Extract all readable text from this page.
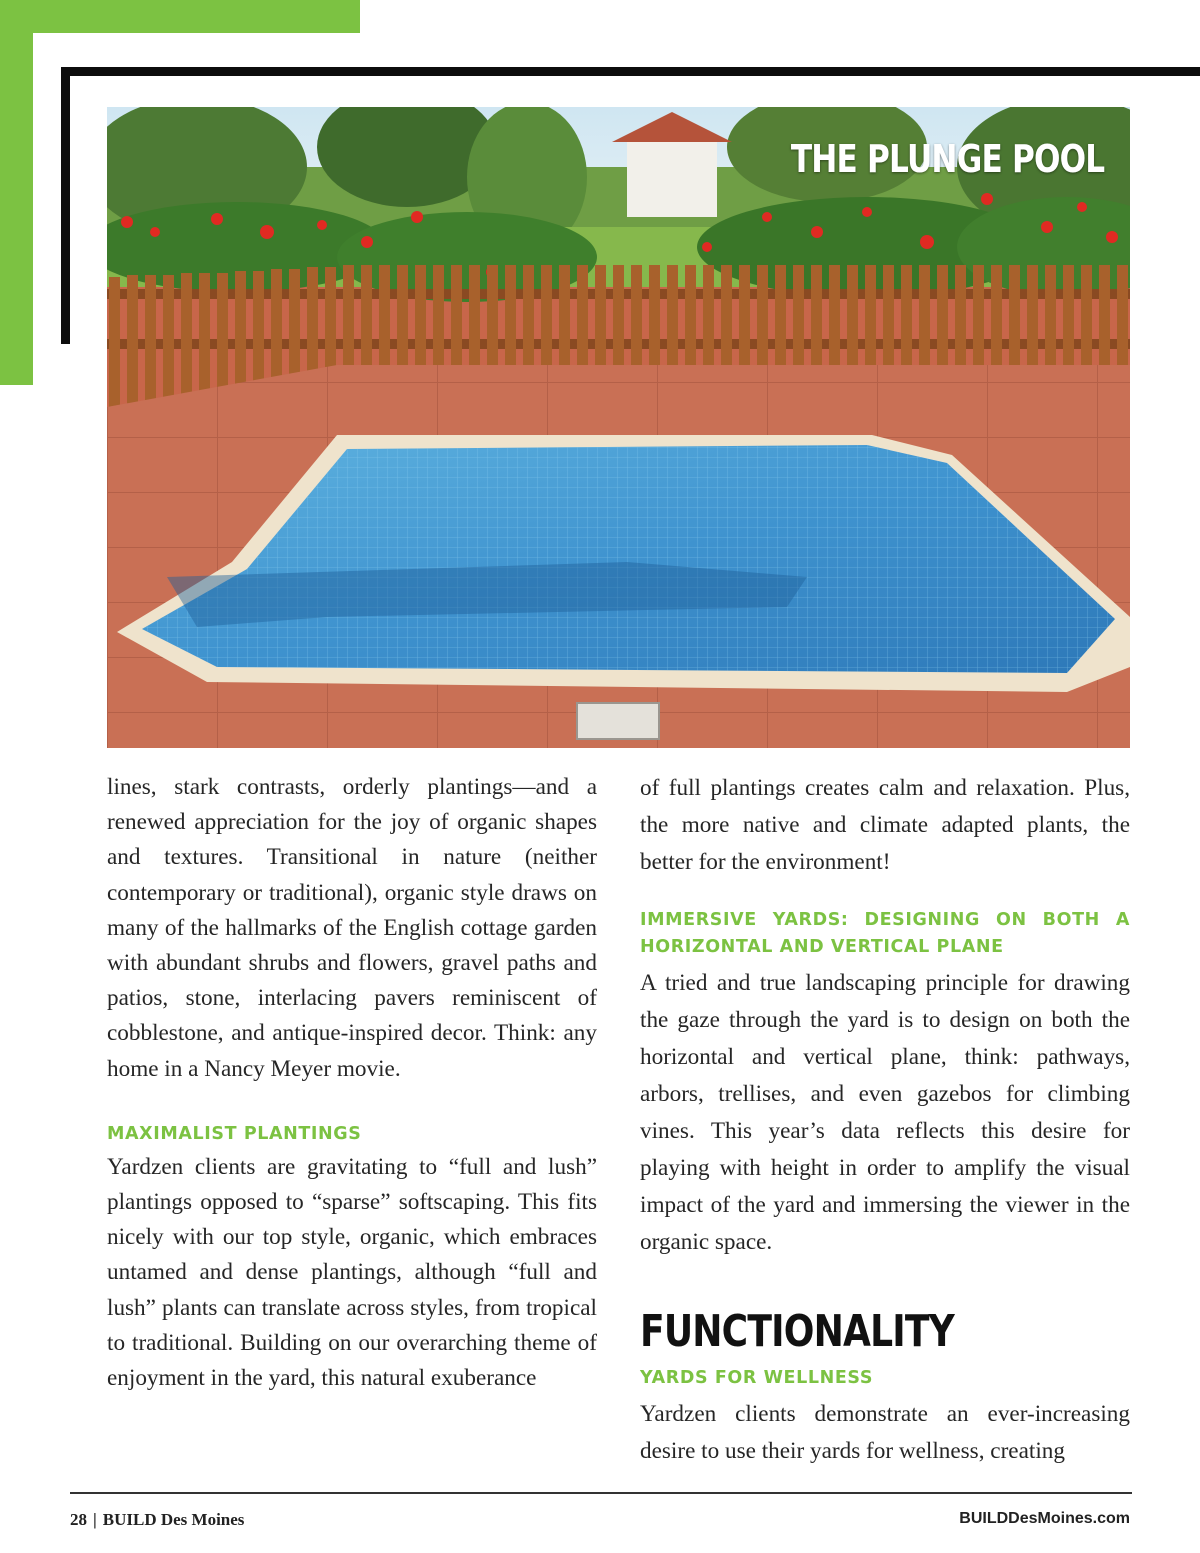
THE PLUNGE POOL

lines, stark contrasts, orderly plantings—and a renewed appreciation for the joy of organic shapes and textures. Transitional in nature (neither contemporary or traditional), organic style draws on many of the hallmarks of the English cottage garden with abundant shrubs and flowers, gravel paths and patios, stone, interlacing pavers reminiscent of cobblestone, and antique-inspired decor. Think: any home in a Nancy Meyer movie.

MAXIMALIST PLANTINGS

Yardzen clients are gravitating to “full and lush” plantings opposed to “sparse” softscaping. This fits nicely with our top style, organic, which embraces untamed and dense plantings, although “full and lush” plants can translate across styles, from tropical to traditional. Building on our overarching theme of enjoyment in the yard, this natural exuberance

of full plantings creates calm and relaxation. Plus, the more native and climate adapted plants, the better for the environment!

IMMERSIVE YARDS: DESIGNING ON BOTH A HORIZONTAL AND VERTICAL PLANE

A tried and true landscaping principle for drawing the gaze through the yard is to design on both the horizontal and vertical plane, think: pathways, arbors, trellises, and even gazebos for climbing vines. This year’s data reflects this desire for playing with height in order to amplify the visual impact of the yard and immersing the viewer in the organic space.

FUNCTIONALITY
YARDS FOR WELLNESS

Yardzen clients demonstrate an ever-increasing desire to use their yards for wellness, creating

28 | BUILD Des Moines	BUILDDesMoines.com
